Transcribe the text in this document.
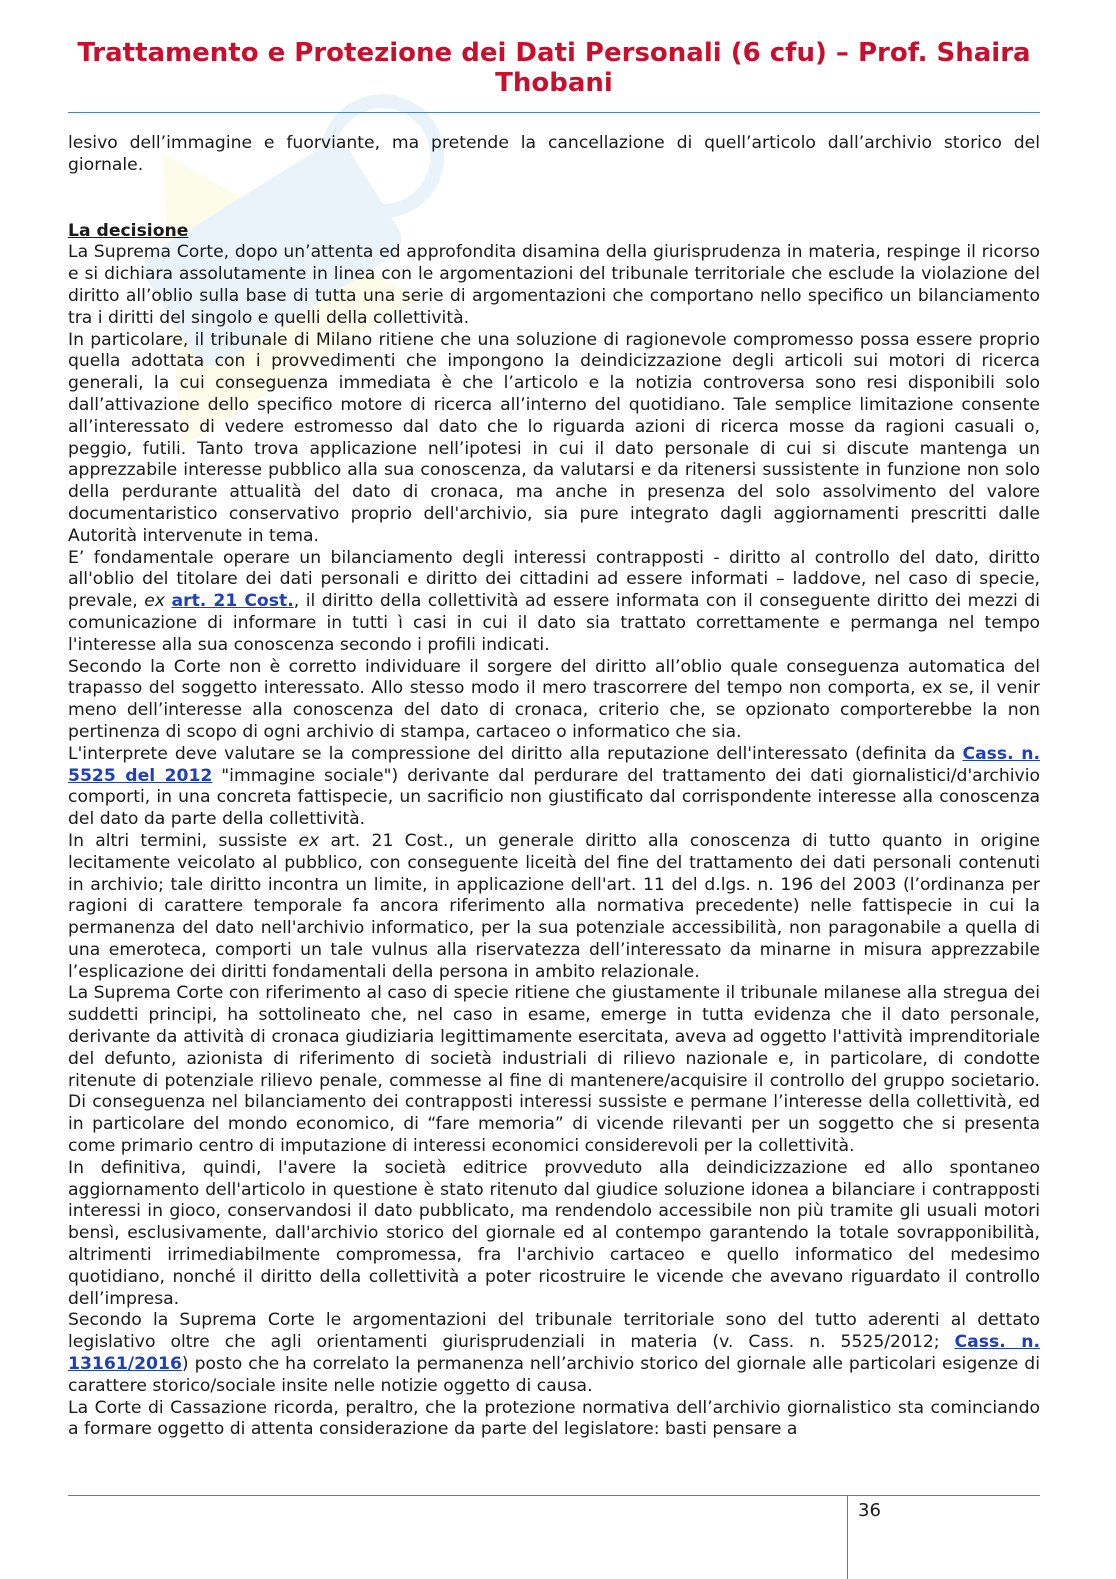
Trattamento e Protezione dei Dati Personali (6 cfu) – Prof. Shaira
Thobani

lesivo dell’immagine e fuorviante, ma pretende la cancellazione di quell’articolo dall’archivio storico del giornale.

La decisione

La Suprema Corte, dopo un’attenta ed approfondita disamina della giurisprudenza in materia, respinge il ricorso e si dichiara assolutamente in linea con le argomentazioni del tribunale territoriale che esclude la violazione del diritto all’oblio sulla base di tutta una serie di argomentazioni che comportano nello specifico un bilanciamento tra i diritti del singolo e quelli della collettività.

In particolare, il tribunale di Milano ritiene che una soluzione di ragionevole compromesso possa essere proprio quella adottata con i provvedimenti che impongono la deindicizzazione degli articoli sui motori di ricerca generali, la cui conseguenza immediata è che l’articolo e la notizia controversa sono resi disponibili solo dall’attivazione dello specifico motore di ricerca all’interno del quotidiano. Tale semplice limitazione consente all’interessato di vedere estromesso dal dato che lo riguarda azioni di ricerca mosse da ragioni casuali o, peggio, futili. Tanto trova applicazione nell’ipotesi in cui il dato personale di cui si discute mantenga un apprezzabile interesse pubblico alla sua conoscenza, da valutarsi e da ritenersi sussistente in funzione non solo della perdurante attualità del dato di cronaca, ma anche in presenza del solo assolvimento del valore documentaristico conservativo proprio dell'archivio, sia pure integrato dagli aggiornamenti prescritti dalle Autorità intervenute in tema.

E’ fondamentale operare un bilanciamento degli interessi contrapposti - diritto al controllo del dato, diritto all'oblio del titolare dei dati personali e diritto dei cittadini ad essere informati – laddove, nel caso di specie, prevale, ex art. 21 Cost., il diritto della collettività ad essere informata con il conseguente diritto dei mezzi di comunicazione di informare in tutti ì casi in cui il dato sia trattato correttamente e permanga nel tempo l'interesse alla sua conoscenza secondo i profili indicati.

Secondo la Corte non è corretto individuare il sorgere del diritto all’oblio quale conseguenza automatica del trapasso del soggetto interessato. Allo stesso modo il mero trascorrere del tempo non comporta, ex se, il venir meno dell’interesse alla conoscenza del dato di cronaca, criterio che, se opzionato comporterebbe la non pertinenza di scopo di ogni archivio di stampa, cartaceo o informatico che sia.

L'interprete deve valutare se la compressione del diritto alla reputazione dell'interessato (definita da Cass. n. 5525 del 2012 "immagine sociale") derivante dal perdurare del trattamento dei dati giornalistici/d'archivio comporti, in una concreta fattispecie, un sacrificio non giustificato dal corrispondente interesse alla conoscenza del dato da parte della collettività.

In altri termini, sussiste ex art. 21 Cost., un generale diritto alla conoscenza di tutto quanto in origine lecitamente veicolato al pubblico, con conseguente liceità del fine del trattamento dei dati personali contenuti in archivio; tale diritto incontra un limite, in applicazione dell'art. 11 del d.lgs. n. 196 del 2003 (l’ordinanza per ragioni di carattere temporale fa ancora riferimento alla normativa precedente) nelle fattispecie in cui la permanenza del dato nell'archivio informatico, per la sua potenziale accessibilità, non paragonabile a quella di una emeroteca, comporti un tale vulnus alla riservatezza dell’interessato da minarne in misura apprezzabile l’esplicazione dei diritti fondamentali della persona in ambito relazionale.

La Suprema Corte con riferimento al caso di specie ritiene che giustamente il tribunale milanese alla stregua dei suddetti principi, ha sottolineato che, nel caso in esame, emerge in tutta evidenza che il dato personale, derivante da attività di cronaca giudiziaria legittimamente esercitata, aveva ad oggetto l'attività imprenditoriale del defunto, azionista di riferimento di società industriali di rilievo nazionale e, in particolare, di condotte ritenute di potenziale rilievo penale, commesse al fine di mantenere/acquisire il controllo del gruppo societario. Di conseguenza nel bilanciamento dei contrapposti interessi sussiste e permane l’interesse della collettività, ed in particolare del mondo economico, di “fare memoria” di vicende rilevanti per un soggetto che si presenta come primario centro di imputazione di interessi economici considerevoli per la collettività.

In definitiva, quindi, l'avere la società editrice provveduto alla deindicizzazione ed allo spontaneo aggiornamento dell'articolo in questione è stato ritenuto dal giudice soluzione idonea a bilanciare i contrapposti interessi in gioco, conservandosi il dato pubblicato, ma rendendolo accessibile non più tramite gli usuali motori bensì, esclusivamente, dall'archivio storico del giornale ed al contempo garantendo la totale sovrapponibilità, altrimenti irrimediabilmente compromessa, fra l'archivio cartaceo e quello informatico del medesimo quotidiano, nonché il diritto della collettività a poter ricostruire le vicende che avevano riguardato il controllo dell’impresa.

Secondo la Suprema Corte le argomentazioni del tribunale territoriale sono del tutto aderenti al dettato legislativo oltre che agli orientamenti giurisprudenziali in materia (v. Cass. n. 5525/2012; Cass. n. 13161/2016) posto che ha correlato la permanenza nell’archivio storico del giornale alle particolari esigenze di carattere storico/sociale insite nelle notizie oggetto di causa.

La Corte di Cassazione ricorda, peraltro, che la protezione normativa dell’archivio giornalistico sta cominciando a formare oggetto di attenta considerazione da parte del legislatore: basti pensare a

36
